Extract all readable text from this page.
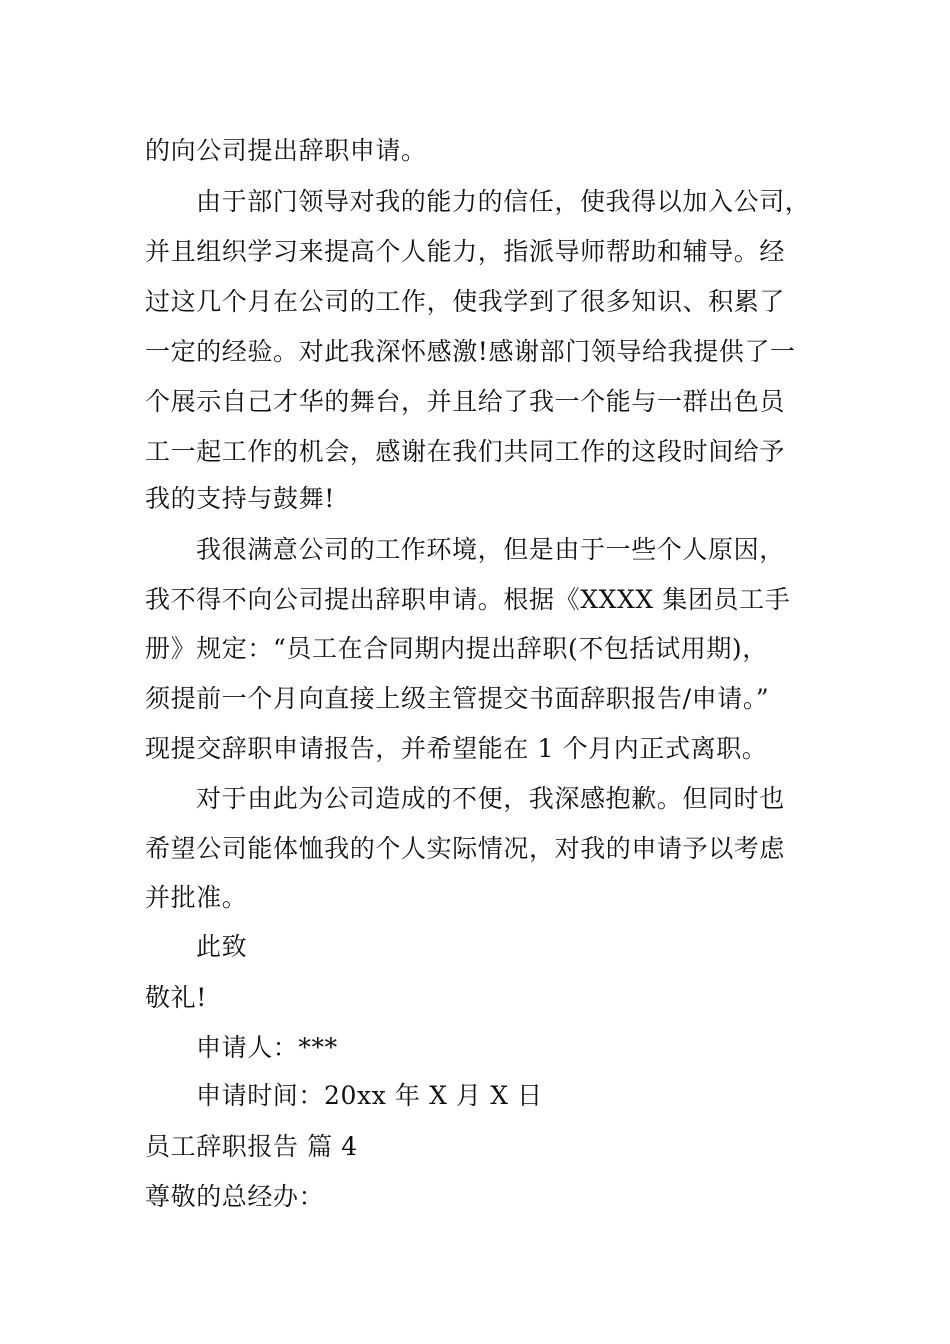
的向公司提出辞职申请。
由于部门领导对我的能力的信任，使我得以加入公司，
并且组织学习来提高个人能力，指派导师帮助和辅导。经
过这几个月在公司的工作，使我学到了很多知识、积累了
一定的经验。对此我深怀感激!感谢部门领导给我提供了一
个展示自己才华的舞台，并且给了我一个能与一群出色员
工一起工作的机会，感谢在我们共同工作的这段时间给予
我的支持与鼓舞!
我很满意公司的工作环境，但是由于一些个人原因，
我不得不向公司提出辞职申请。根据《XXXX 集团员工手
册》规定：“员工在合同期内提出辞职(不包括试用期)，
须提前一个月向直接上级主管提交书面辞职报告/申请。”
现提交辞职申请报告，并希望能在 1 个月内正式离职。
对于由此为公司造成的不便，我深感抱歉。但同时也
希望公司能体恤我的个人实际情况，对我的申请予以考虑
并批准。
此致
敬礼!
申请人：***
申请时间：20xx 年 X 月 X 日
员工辞职报告 篇 4
尊敬的总经办：
